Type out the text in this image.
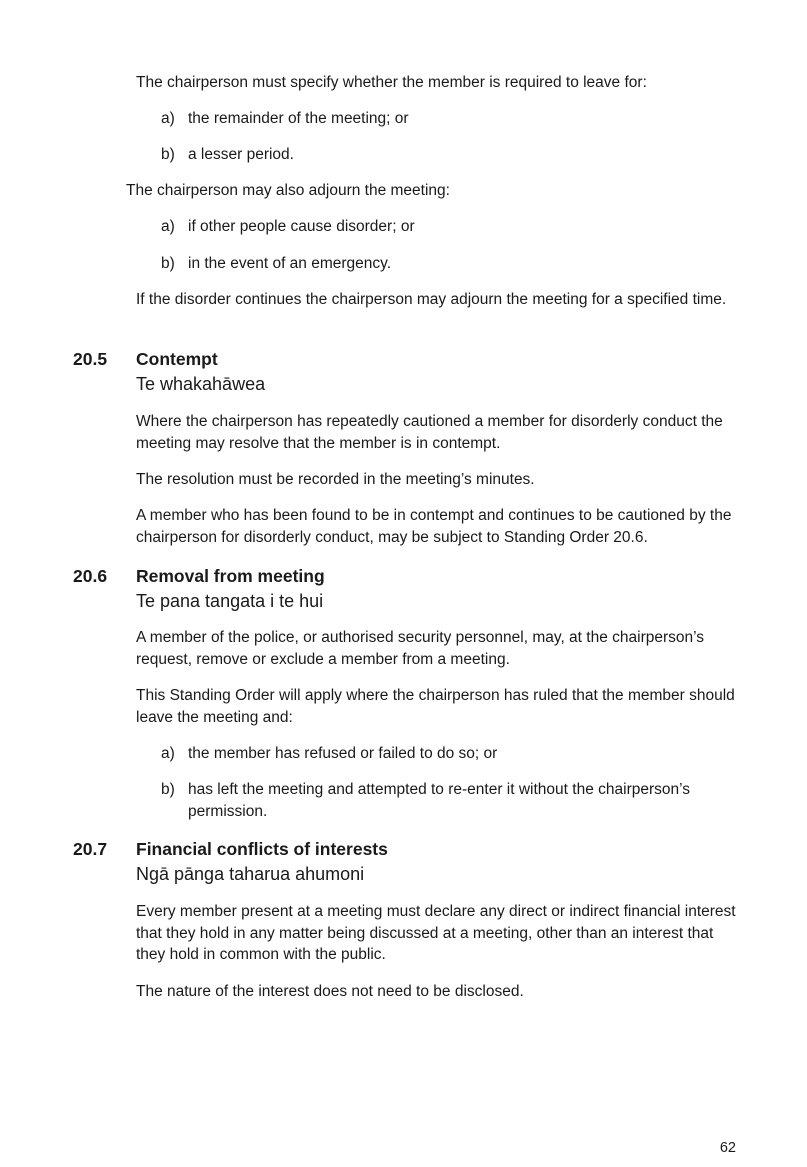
The chairperson must specify whether the member is required to leave for:

a) the remainder of the meeting; or
b) a lesser period.

The chairperson may also adjourn the meeting:

a) if other people cause disorder; or
b) in the event of an emergency.

If the disorder continues the chairperson may adjourn the meeting for a specified time.

20.5 Contempt
Te whakahāwea

Where the chairperson has repeatedly cautioned a member for disorderly conduct the meeting may resolve that the member is in contempt.

The resolution must be recorded in the meeting’s minutes.

A member who has been found to be in contempt and continues to be cautioned by the chairperson for disorderly conduct, may be subject to Standing Order 20.6.

20.6 Removal from meeting
Te pana tangata i te hui

A member of the police, or authorised security personnel, may, at the chairperson’s request, remove or exclude a member from a meeting.

This Standing Order will apply where the chairperson has ruled that the member should leave the meeting and:

a) the member has refused or failed to do so; or
b) has left the meeting and attempted to re-enter it without the chairperson’s permission.

20.7 Financial conflicts of interests
Ngā pānga taharua ahumoni

Every member present at a meeting must declare any direct or indirect financial interest that they hold in any matter being discussed at a meeting, other than an interest that they hold in common with the public.

The nature of the interest does not need to be disclosed.

62
